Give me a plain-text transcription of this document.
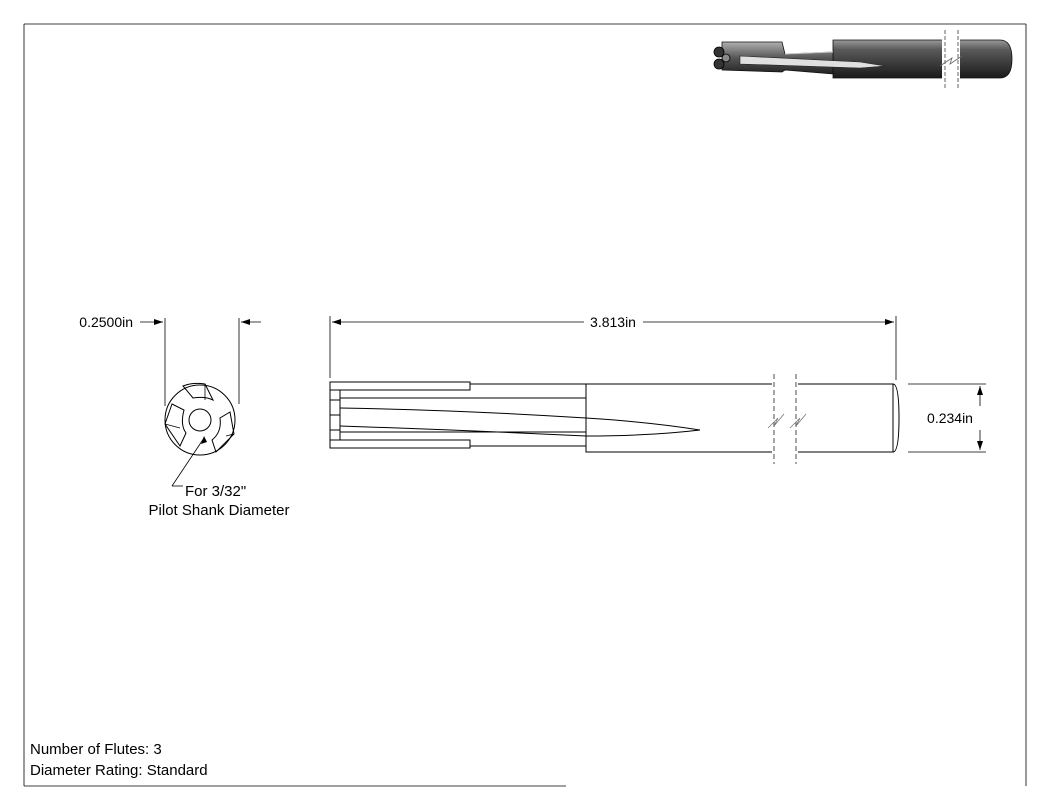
0.2500in
For 3/32"
Pilot Shank Diameter
3.813in
0.234in
Number of Flutes: 3
Diameter Rating: Standard
